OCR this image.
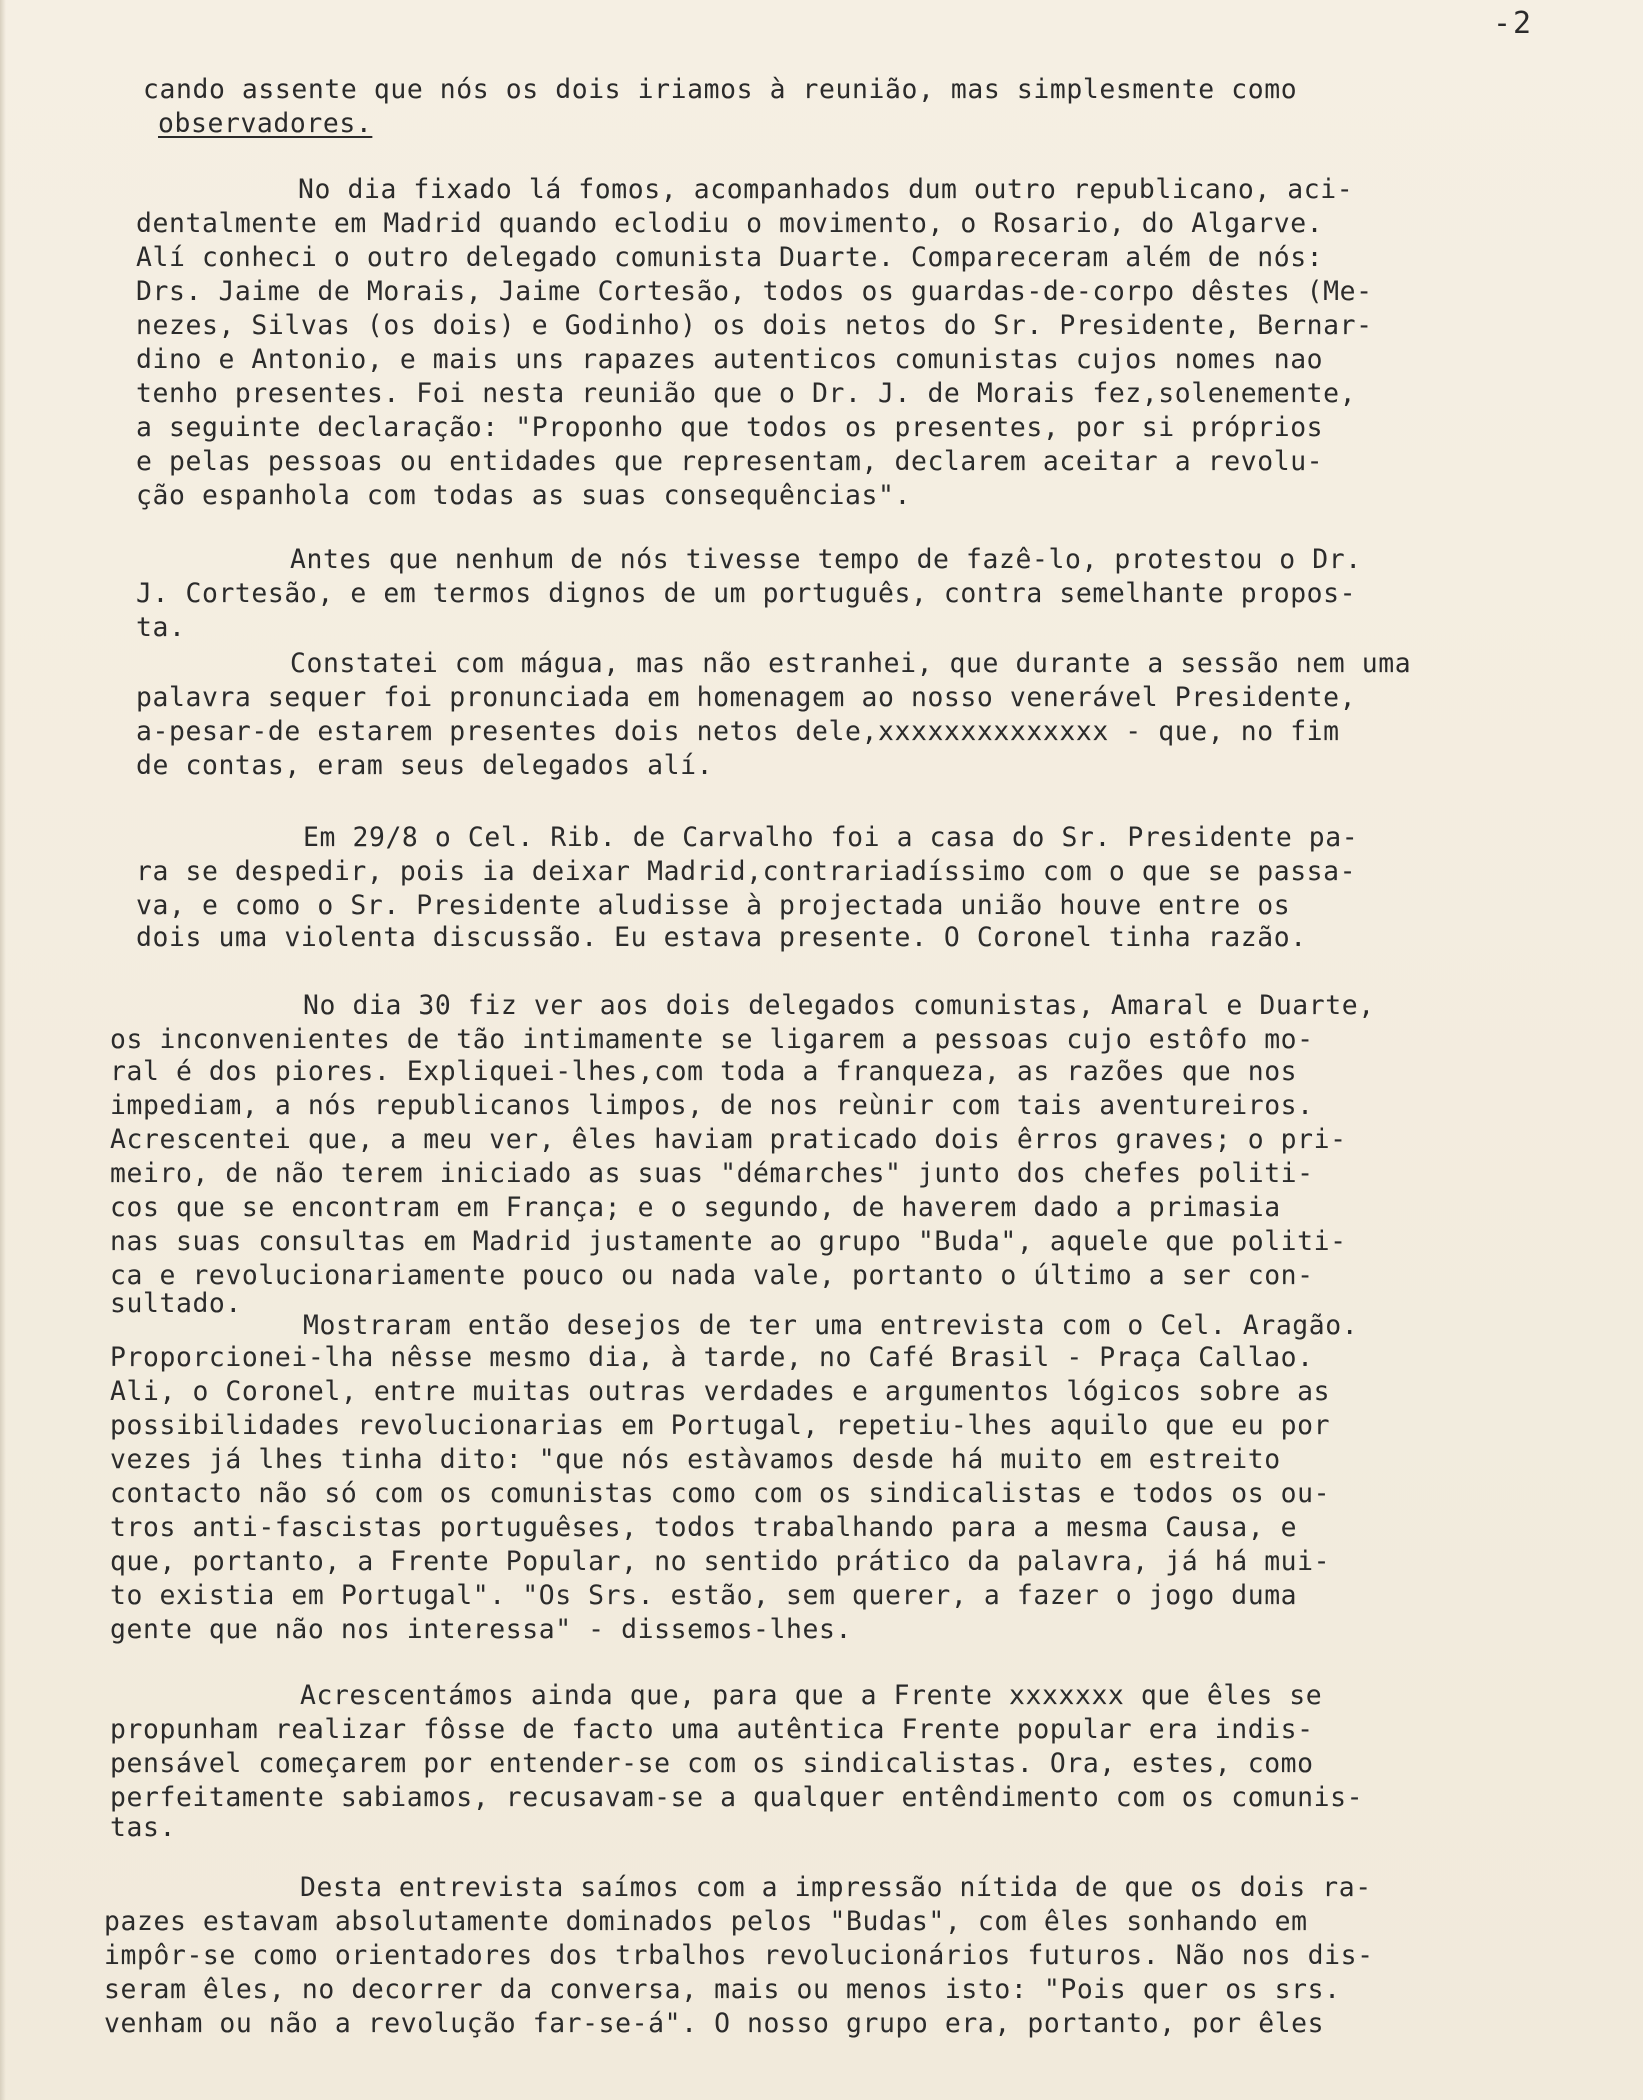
-2
cando assente que nós os dois iriamos à reunião, mas simplesmente como
observadores.
No dia fixado lá fomos, acompanhados dum outro republicano, aci-
dentalmente em Madrid quando eclodiu o movimento, o Rosario, do Algarve.
Alí conheci o outro delegado comunista Duarte. Compareceram além de nós:
Drs. Jaime de Morais, Jaime Cortesão, todos os guardas-de-corpo dêstes (Me-
nezes, Silvas (os dois) e Godinho) os dois netos do Sr. Presidente, Bernar-
dino e Antonio, e mais uns rapazes autenticos comunistas cujos nomes nao
tenho presentes. Foi nesta reunião que o Dr. J. de Morais fez,solenemente,
a seguinte declaração: "Proponho que todos os presentes, por si próprios
e pelas pessoas ou entidades que representam, declarem aceitar a revolu-
ção espanhola com todas as suas consequências".
Antes que nenhum de nós tivesse tempo de fazê-lo, protestou o Dr.
J. Cortesão, e em termos dignos de um português, contra semelhante propos-
ta.
Constatei com mágua, mas não estranhei, que durante a sessão nem uma
palavra sequer foi pronunciada em homenagem ao nosso venerável Presidente,
a-pesar-de estarem presentes dois netos dele,xxxxxxxxxxxxxx - que, no fim
de contas, eram seus delegados alí.
Em 29/8 o Cel. Rib. de Carvalho foi a casa do Sr. Presidente pa-
ra se despedir, pois ia deixar Madrid,contrariadíssimo com o que se passa-
va, e como o Sr. Presidente aludisse à projectada união houve entre os
dois uma violenta discussão. Eu estava presente. O Coronel tinha razão.
No dia 30 fiz ver aos dois delegados comunistas, Amaral e Duarte,
os inconvenientes de tão intimamente se ligarem a pessoas cujo estôfo mo-
ral é dos piores. Expliquei-lhes,com toda a franqueza, as razões que nos
impediam, a nós republicanos limpos, de nos reùnir com tais aventureiros.
Acrescentei que, a meu ver, êles haviam praticado dois êrros graves; o pri-
meiro, de não terem iniciado as suas "démarches" junto dos chefes politi-
cos que se encontram em França; e o segundo, de haverem dado a primasia
nas suas consultas em Madrid justamente ao grupo "Buda", aquele que politi-
ca e revolucionariamente pouco ou nada vale, portanto o último a ser con-
sultado.
Mostraram então desejos de ter uma entrevista com o Cel. Aragão.
Proporcionei-lha nêsse mesmo dia, à tarde, no Café Brasil - Praça Callao.
Ali, o Coronel, entre muitas outras verdades e argumentos lógicos sobre as
possibilidades revolucionarias em Portugal, repetiu-lhes aquilo que eu por
vezes já lhes tinha dito: "que nós estàvamos desde há muito em estreito
contacto não só com os comunistas como com os sindicalistas e todos os ou-
tros anti-fascistas portuguêses, todos trabalhando para a mesma Causa, e
que, portanto, a Frente Popular, no sentido prático da palavra, já há mui-
to existia em Portugal". "Os Srs. estão, sem querer, a fazer o jogo duma
gente que não nos interessa" - dissemos-lhes.
Acrescentámos ainda que, para que a Frente xxxxxxx que êles se
propunham realizar fôsse de facto uma autêntica Frente popular era indis-
pensável começarem por entender-se com os sindicalistas. Ora, estes, como
perfeitamente sabiamos, recusavam-se a qualquer entêndimento com os comunis-
tas.
Desta entrevista saímos com a impressão nítida de que os dois ra-
pazes estavam absolutamente dominados pelos "Budas", com êles sonhando em
impôr-se como orientadores dos trbalhos revolucionários futuros. Não nos dis-
seram êles, no decorrer da conversa, mais ou menos isto: "Pois quer os srs.
venham ou não a revolução far-se-á". O nosso grupo era, portanto, por êles
